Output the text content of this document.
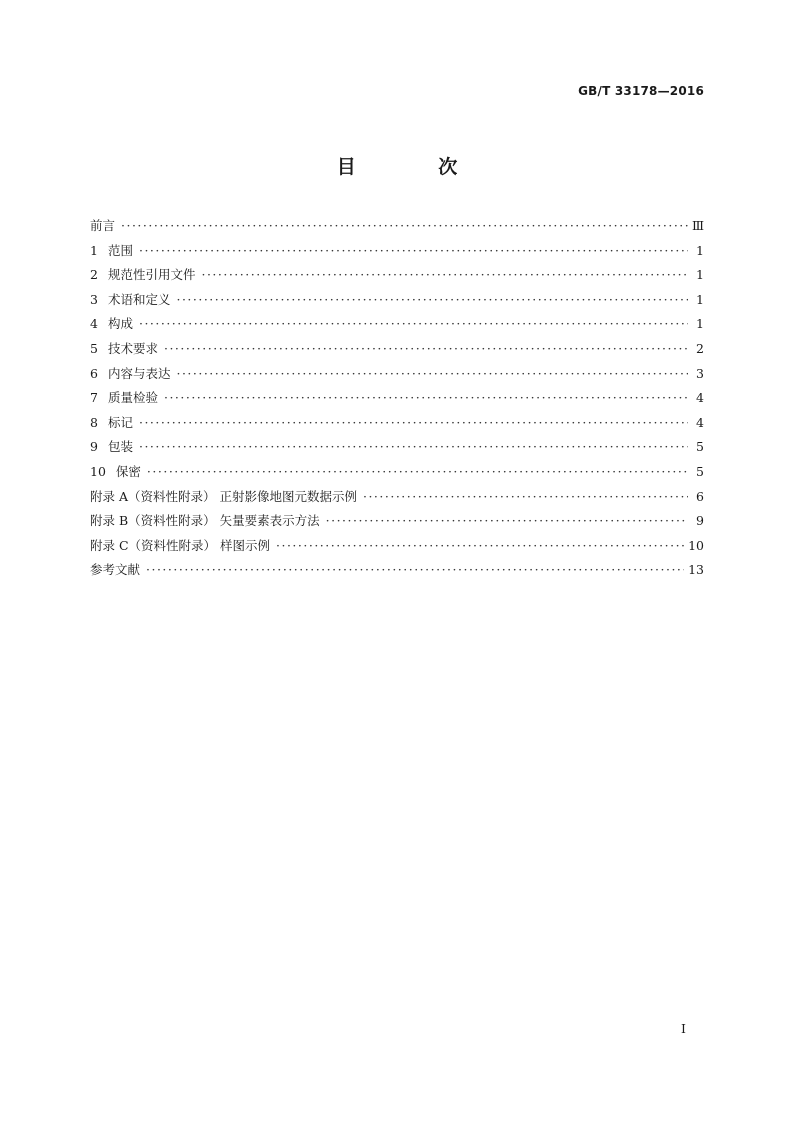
GB/T 33178—2016
目 次
前言 ·····	Ⅲ
1 范围 ·····	1
2 规范性引用文件 ·····	1
3 术语和定义 ·····	1
4 构成 ·····	1
5 技术要求 ·····	2
6 内容与表达 ·····	3
7 质量检验 ·····	4
8 标记 ·····	4
9 包装 ·····	5
10 保密 ·····	5
附录 A（资料性附录） 正射影像地图元数据示例 ·····	6
附录 B（资料性附录） 矢量要素表示方法 ·····	9
附录 C（资料性附录） 样图示例 ·····	10
参考文献 ·····	13
I
